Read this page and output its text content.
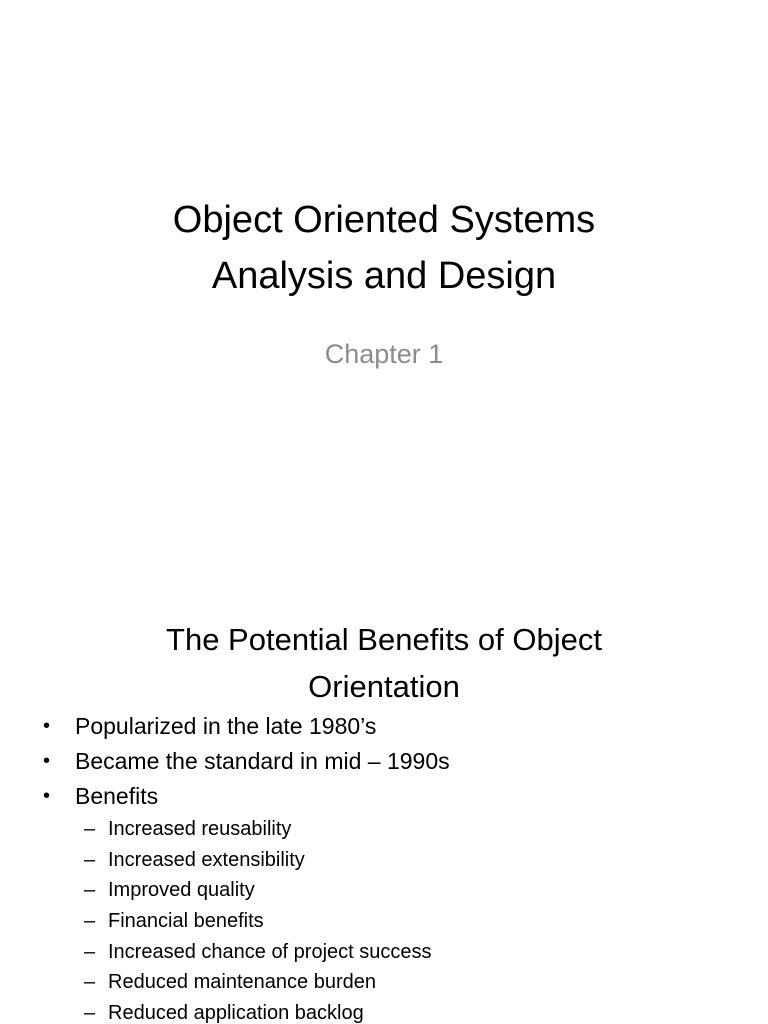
Object Oriented Systems
Analysis and Design
Chapter 1
The Potential Benefits of Object
Orientation
• Popularized in the late 1980’s
• Became the standard in mid – 1990s
• Benefits
– Increased reusability
– Increased extensibility
– Improved quality
– Financial benefits
– Increased chance of project success
– Reduced maintenance burden
– Reduced application backlog
